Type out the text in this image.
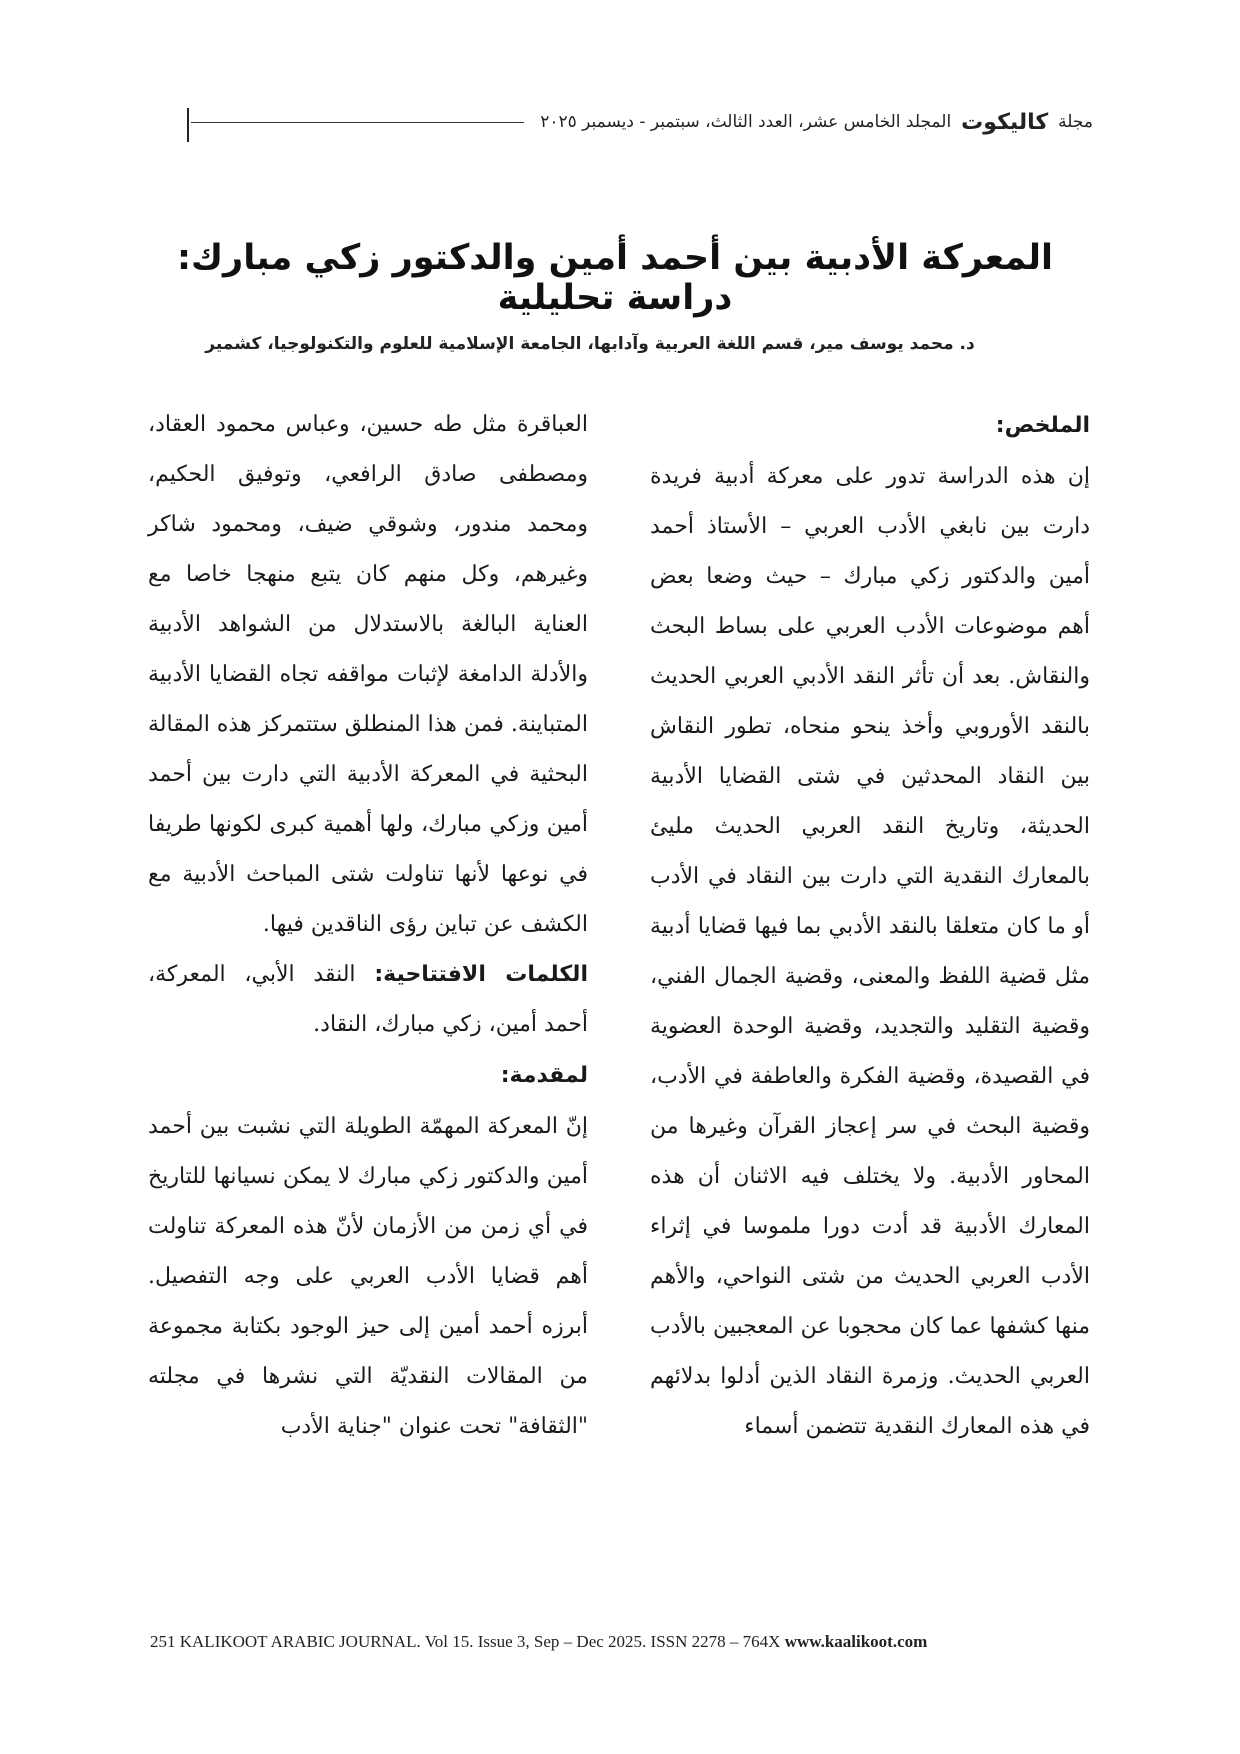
مجلة
كاليكوت
المجلد الخامس عشر، العدد الثالث، سبتمبر - ديسمبر ٢٠٢٥
المعركة الأدبية بين أحمد أمين والدكتور زكي مبارك: دراسة تحليلية
د. محمد يوسف مير، قسم اللغة العربية وآدابها، الجامعة الإسلامية للعلوم والتكنولوجيا، كشمير
الملخص:

إن هذه الدراسة تدور على معركة أدبية فريدة دارت بين نابغي الأدب العربي – الأستاذ أحمد أمين والدكتور زكي مبارك – حيث وضعا بعض أهم موضوعات الأدب العربي على بساط البحث والنقاش. بعد أن تأثر النقد الأدبي العربي الحديث بالنقد الأوروبي وأخذ ينحو منحاه، تطور النقاش بين النقاد المحدثين في شتى القضايا الأدبية الحديثة، وتاريخ النقد العربي الحديث مليئ بالمعارك النقدية التي دارت بين النقاد في الأدب أو ما كان متعلقا بالنقد الأدبي بما فيها قضايا أدبية مثل قضية اللفظ والمعنى، وقضية الجمال الفني، وقضية التقليد والتجديد، وقضية الوحدة العضوية في القصيدة، وقضية الفكرة والعاطفة في الأدب، وقضية البحث في سر إعجاز القرآن وغيرها من المحاور الأدبية. ولا يختلف فيه الاثنان أن هذه المعارك الأدبية قد أدت دورا ملموسا في إثراء الأدب العربي الحديث من شتى النواحي، والأهم منها كشفها عما كان محجوبا عن المعجبين بالأدب العربي الحديث. وزمرة النقاد الذين أدلوا بدلائهم في هذه المعارك النقدية تتضمن أسماء

العباقرة مثل طه حسين، وعباس محمود العقاد، ومصطفى صادق الرافعي، وتوفيق الحكيم، ومحمد مندور، وشوقي ضيف، ومحمود شاكر وغيرهم، وكل منهم كان يتبع منهجا خاصا مع العناية البالغة بالاستدلال من الشواهد الأدبية والأدلة الدامغة لإثبات مواقفه تجاه القضايا الأدبية المتباينة. فمن هذا المنطلق ستتمركز هذه المقالة البحثية في المعركة الأدبية التي دارت بين أحمد أمين وزكي مبارك، ولها أهمية كبرى لكونها طريفا في نوعها لأنها تناولت شتى المباحث الأدبية مع الكشف عن تباين رؤى الناقدين فيها.

الكلمات الافتتاحية: النقد الأبي، المعركة، أحمد أمين، زكي مبارك، النقاد.

لمقدمة:

إنّ المعركة المهمّة الطويلة التي نشبت بين أحمد أمين والدكتور زكي مبارك لا يمكن نسيانها للتاريخ في أي زمن من الأزمان لأنّ هذه المعركة تناولت أهم قضايا الأدب العربي على وجه التفصيل. أبرزه أحمد أمين إلى حيز الوجود بكتابة مجموعة من المقالات النقديّة التي نشرها في مجلته "الثقافة" تحت عنوان "جناية الأدب

251 KALIKOOT ARABIC JOURNAL. Vol 15. Issue 3, Sep – Dec 2025. ISSN 2278 – 764X www.kaalikoot.com
